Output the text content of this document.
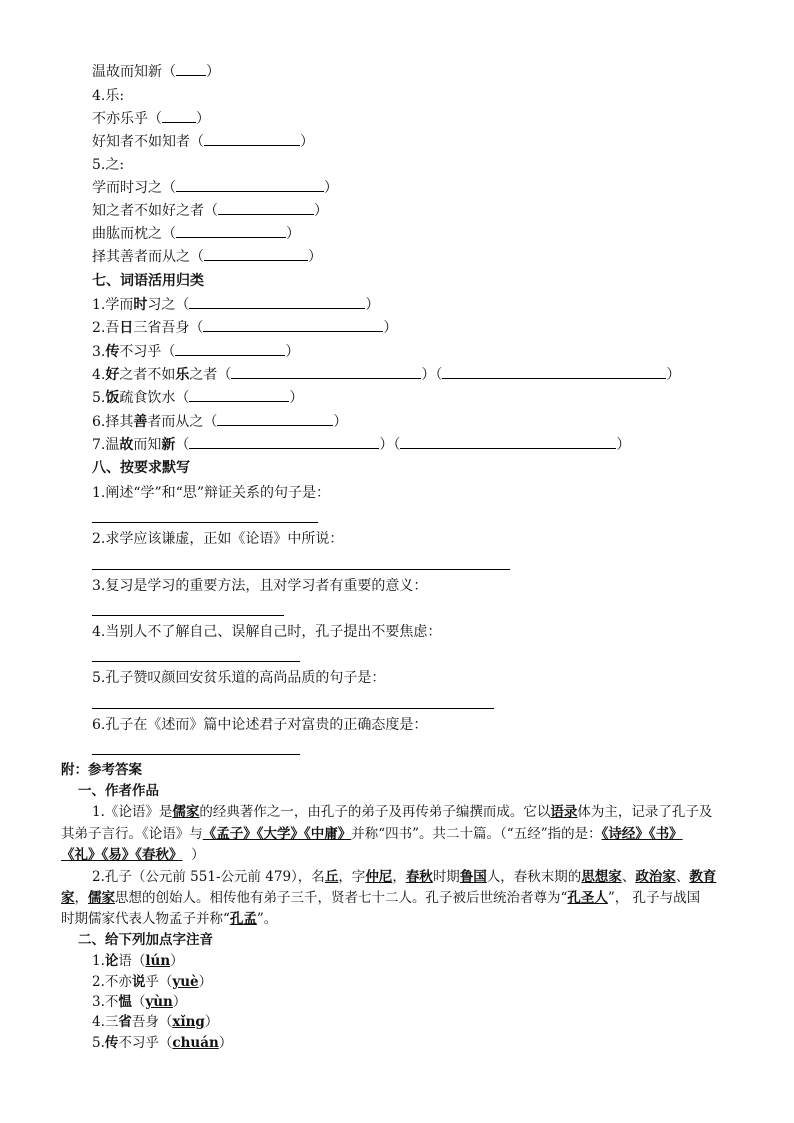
温故而知新（ ）
4.乐:
不亦乐乎（ ）
好知者不如知者（	）
5.之:
学而时习之（	）
知之者不如好之者（	）
曲肱而枕之（	）
择其善者而从之（	）
七、词语活用归类
1.学而时习之（	）
2.吾日三省吾身（	）
3.传不习乎（	）
4.好之者不如乐之者（	）（	）
5.饭疏食饮水（	）
6.择其善者而从之（	）
7.温故而知新（	）（	）
八、按要求默写
1.阐述“学”和“思”辩证关系的句子是：
2.求学应该谦虚，正如《论语》中所说：
3.复习是学习的重要方法，且对学习者有重要的意义：
4.当别人不了解自己、误解自己时，孔子提出不要焦虑：
5.孔子赞叹颜回安贫乐道的高尚品质的句子是：
6.孔子在《述而》篇中论述君子对富贵的正确态度是：
附：参考答案
一、作者作品
1.《论语》是儒家的经典著作之一，由孔子的弟子及再传弟子编撰而成。它以语录体为主，记录了孔子及
其弟子言行。《论语》与《孟子》《大学》《中庸》并称“四书”。共二十篇。（“五经”指的是：《诗经》《书》
《礼》《易》《春秋》  ）
2.孔子（公元前 551-公元前 479），名丘，字仲尼，春秋时期鲁国人，春秋末期的思想家、政治家、教育
家，儒家思想的创始人。相传他有弟子三千，贤者七十二人。孔子被后世统治者尊为“孔圣人”， 孔子与战国
时期儒家代表人物孟子并称“孔孟”。
二、给下列加点字注音
1.论语（lún）
2.不亦说乎（yuè）
3.不愠（yùn）
4.三省吾身（xǐng）
5.传不习乎（chuán）
